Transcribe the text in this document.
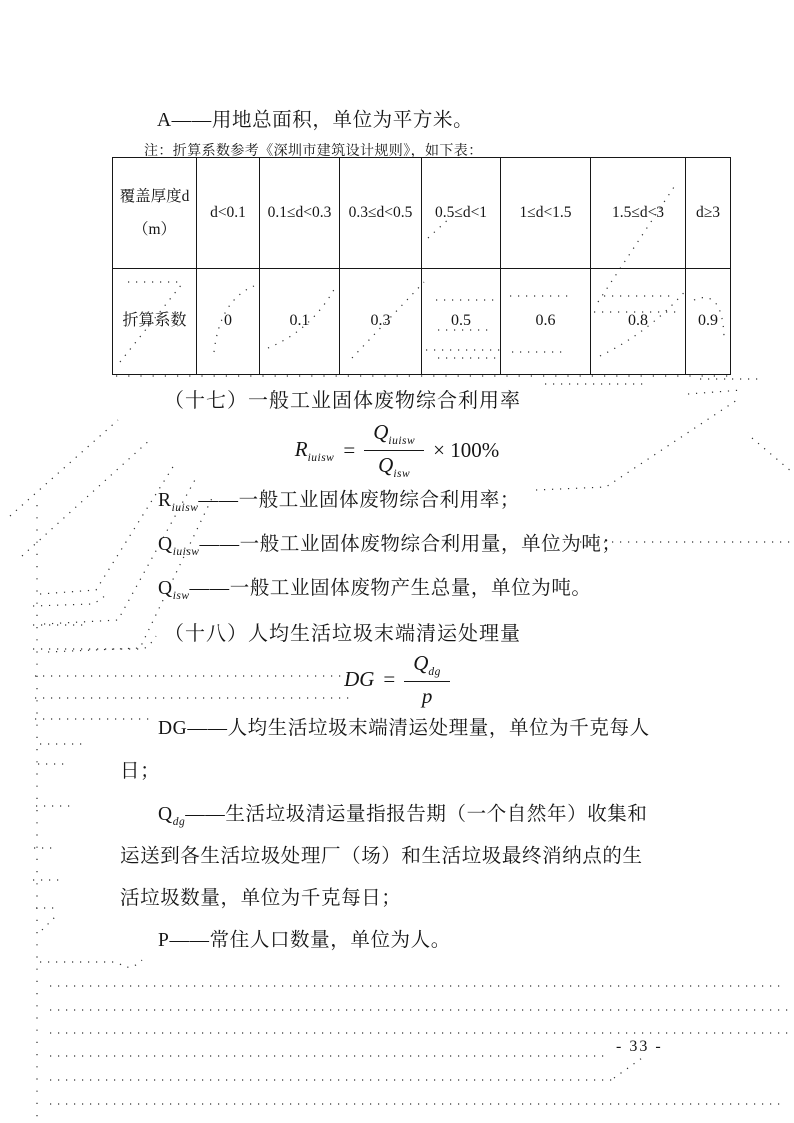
A——用地总面积，单位为平方米。
注：折算系数参考《深圳市建筑设计规则》，如下表：
覆盖厚度d（m）	d<0.1	0.1≤d<0.3	0.3≤d<0.5	0.5≤d<1	1≤d<1.5	1.5≤d<3	d≥3
折算系数	0	0.1	0.3	0.5	0.6	0.8	0.9
（十七）一般工业固体废物综合利用率
$R_{iuisw} = \frac{Q_{iuisw}}{Q_{isw}} \times 100\%$
$R_{iuisw}——$一般工业固体废物综合利用率；
$Q_{iuisw}——$一般工业固体废物综合利用量，单位为吨；
$Q_{isw}——$一般工业固体废物产生总量，单位为吨。
（十八）人均生活垃圾末端清运处理量
DG = $\frac{Q_{dg}}{p}$
DG——人均生活垃圾末端清运处理量，单位为千克每人
日；
$Q_{dg}——$生活垃圾清运量指报告期（一个自然年）收集和
运送到各生活垃圾处理厂（场）和生活垃圾最终消纳点的生
活垃圾数量，单位为千克每日；
P——常住人口数量，单位为人。
- 33 -
